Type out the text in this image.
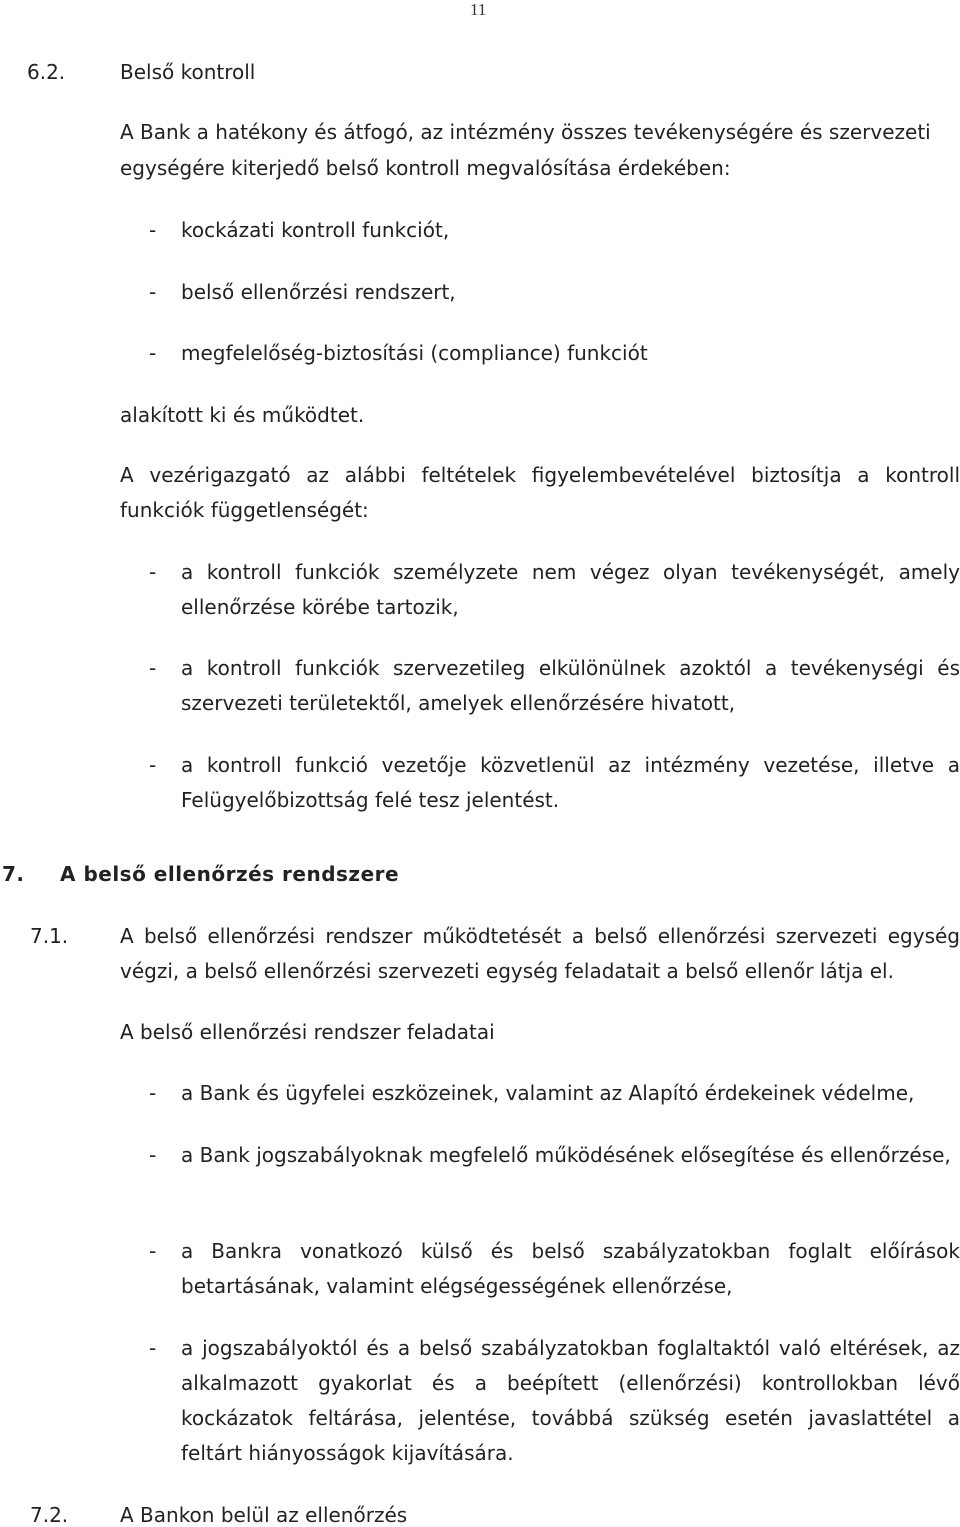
11
6.2.	Belső kontroll
A Bank a hatékony és átfogó, az intézmény összes tevékenységére és szervezeti
egységére kiterjedő belső kontroll megvalósítása érdekében:
- kockázati kontroll funkciót,
- belső ellenőrzési rendszert,
- megfelelőség-biztosítási (compliance) funkciót
alakított ki és működtet.
A vezérigazgató az alábbi feltételek figyelembevételével biztosítja a kontroll
funkciók függetlenségét:
- a kontroll funkciók személyzete nem végez olyan tevékenységét, amely ellenőrzése körébe tartozik,
- a kontroll funkciók szervezetileg elkülönülnek azoktól a tevékenységi és szervezeti területektől, amelyek ellenőrzésére hivatott,
- a kontroll funkció vezetője közvetlenül az intézmény vezetése, illetve a Felügyelőbizottság felé tesz jelentést.
7. A belső ellenőrzés rendszere
7.1.	A belső ellenőrzési rendszer működtetését a belső ellenőrzési szervezeti egység
végzi, a belső ellenőrzési szervezeti egység feladatait a belső ellenőr látja el.
A belső ellenőrzési rendszer feladatai
- a Bank és ügyfelei eszközeinek, valamint az Alapító érdekeinek védelme,
- a Bank jogszabályoknak megfelelő működésének elősegítése és ellenőrzése,
- a Bankra vonatkozó külső és belső szabályzatokban foglalt előírások betartásának, valamint elégségességének ellenőrzése,
- a jogszabályoktól és a belső szabályzatokban foglaltaktól való eltérések, az alkalmazott gyakorlat és a beépített (ellenőrzési) kontrollokban lévő kockázatok feltárása, jelentése, továbbá szükség esetén javaslattétel a feltárt hiányosságok kijavítására.
7.2.	A Bankon belül az ellenőrzés
